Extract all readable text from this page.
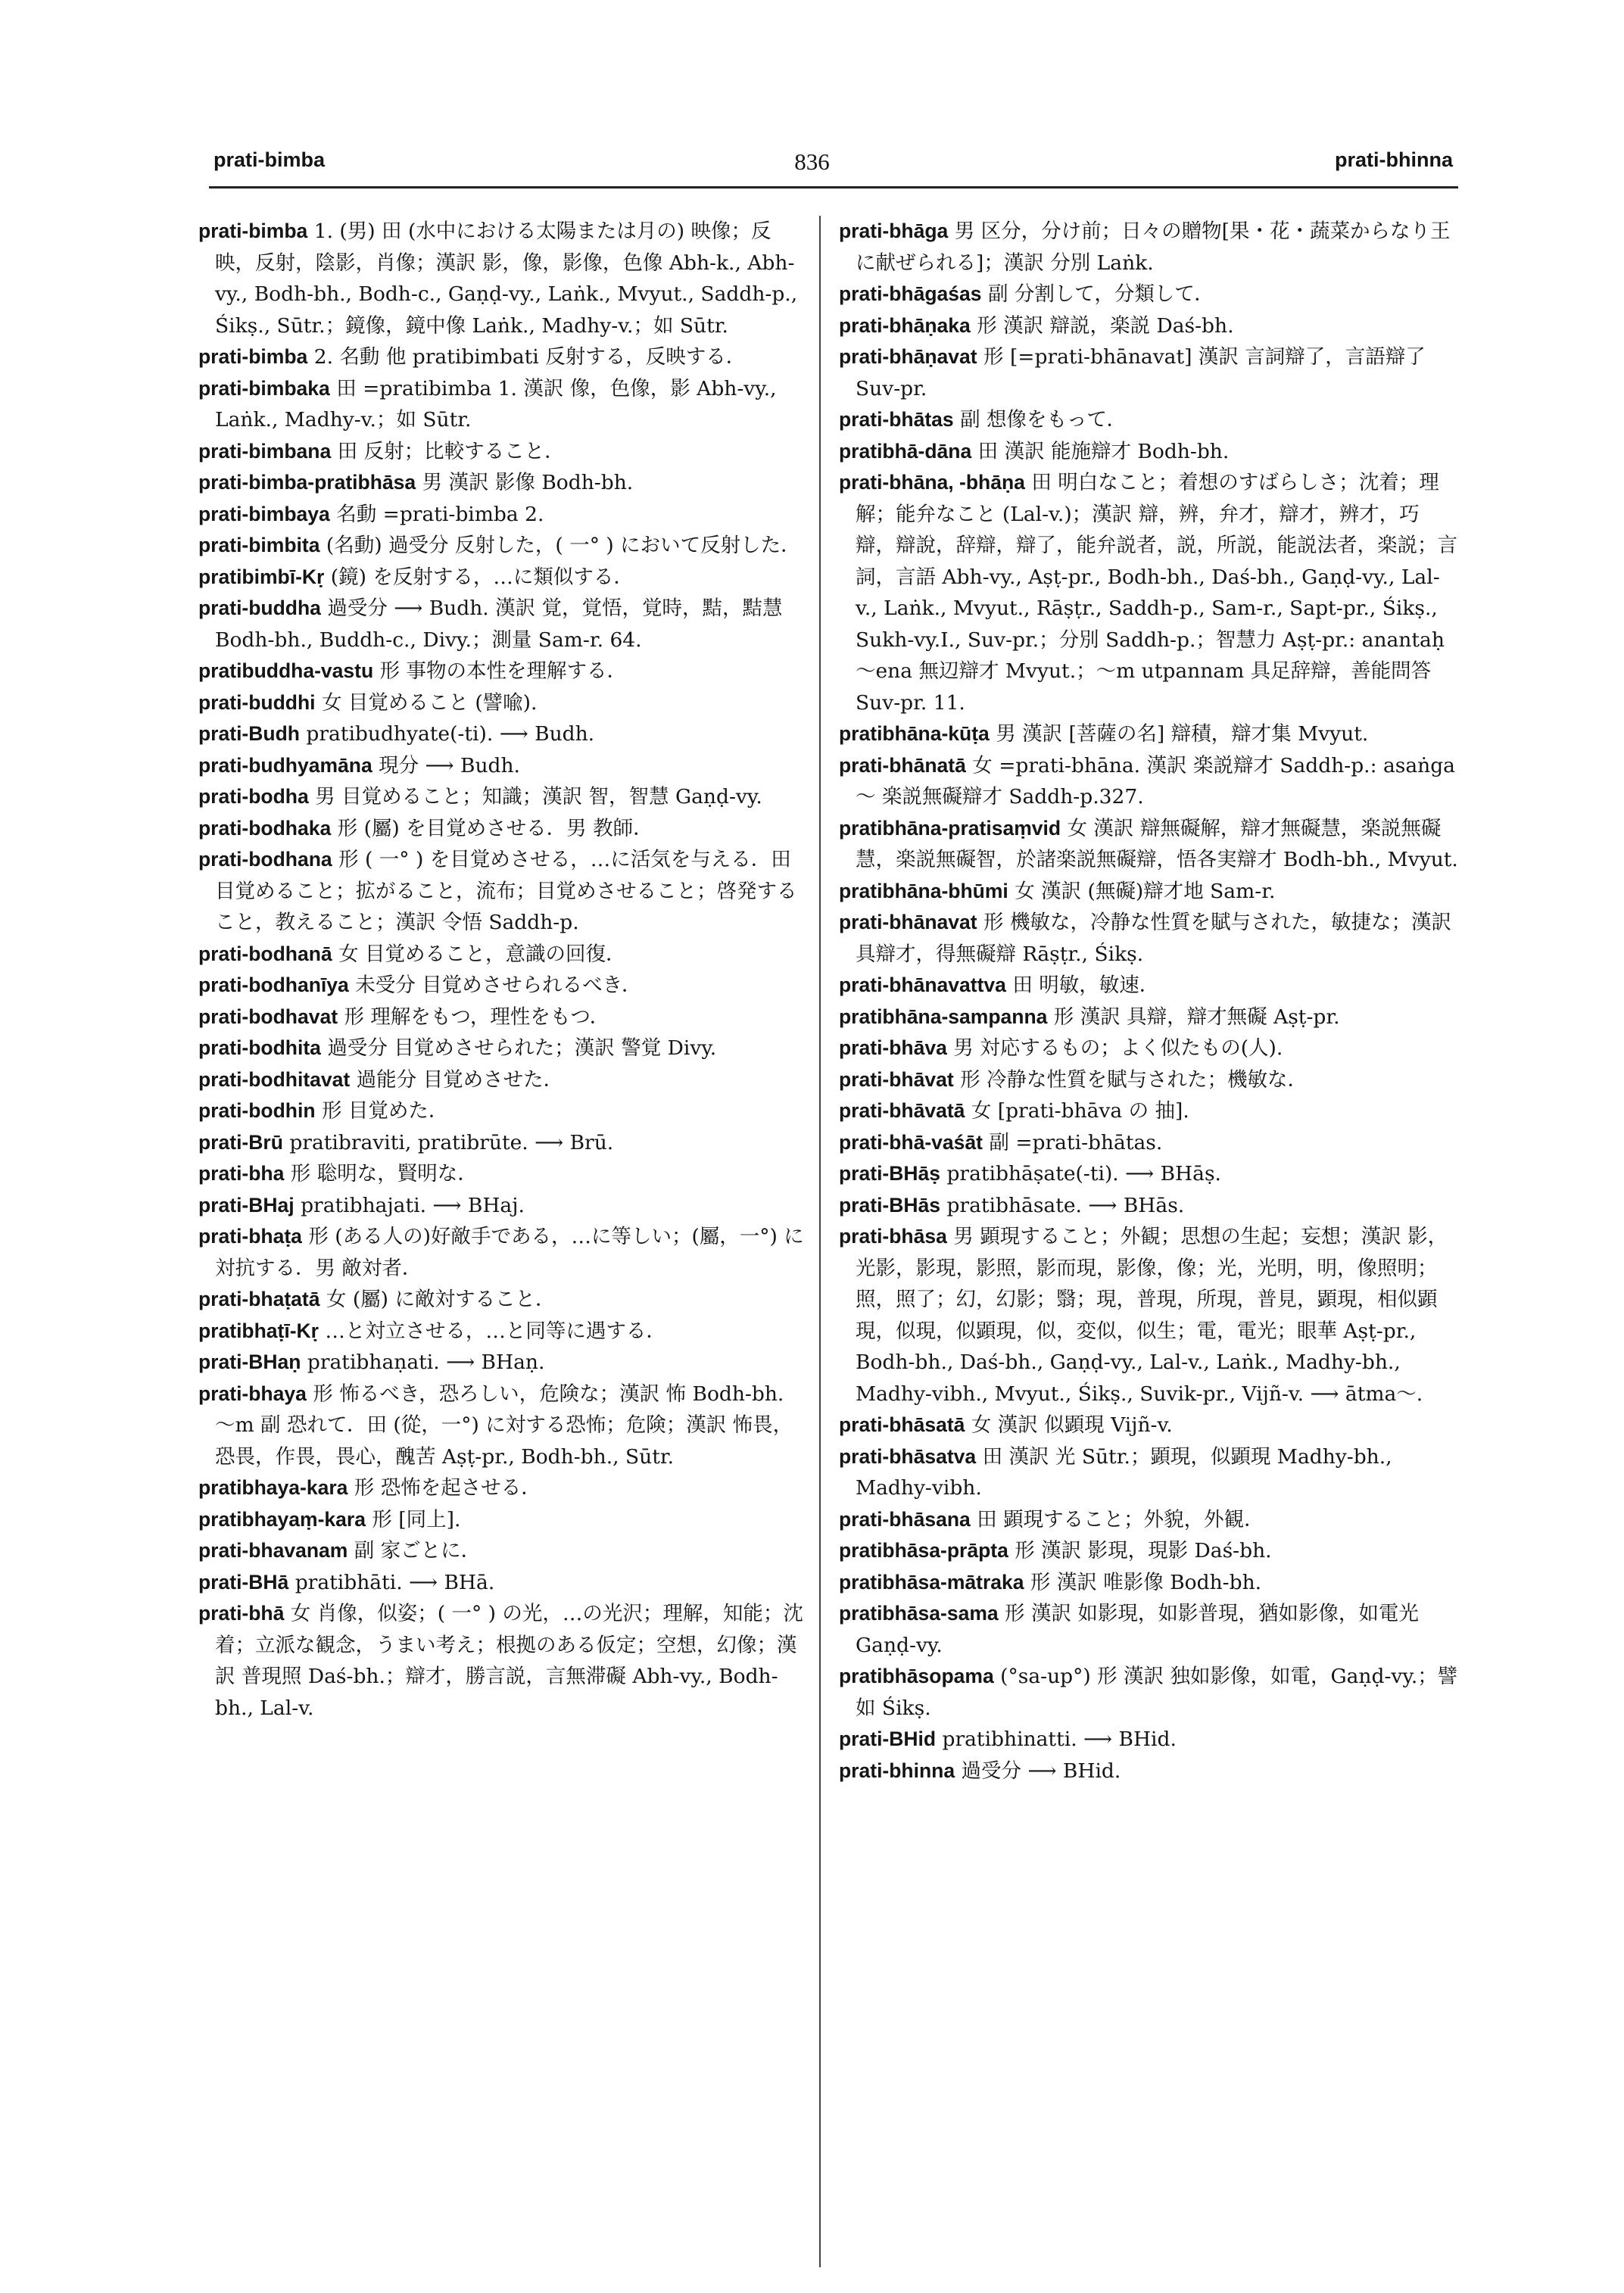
prati-bimba	836	prati-bhinna

prati-bimba 1. (男) 田 (水中における太陽または月の) 映像；反映，反射，陰影，肖像；漢訳 影，像，影像，色像 Abh-k., Abh-vy., Bodh-bh., Bodh-c., Gaṇḍ-vy., Laṅk., Mvyut., Saddh-p., Śikṣ., Sūtr.；鏡像，鏡中像 Laṅk., Madhy-v.；如 Sūtr.

prati-bimba 2. 名動 他 pratibimbati 反射する，反映する．

prati-bimbaka 田 =pratibimba 1. 漢訳 像，色像，影 Abh-vy., Laṅk., Madhy-v.；如 Sūtr.

prati-bimbana 田 反射；比較すること．

prati-bimba-pratibhāsa 男 漢訳 影像 Bodh-bh.

prati-bimbaya 名動 =prati-bimba 2.

prati-bimbita (名動) 過受分 反射した，( 一° ) において反射した．

pratibimbī-Kṛ (鏡) を反射する，…に類似する．

prati-buddha 過受分 ⟶ Budh. 漢訳 覚，覚悟，覚時，黠，黠慧 Bodh-bh., Buddh-c., Divy.；測量 Sam-r. 64.

pratibuddha-vastu 形 事物の本性を理解する．

prati-buddhi 女 目覚めること (譬喩).

prati-Budh pratibudhyate(-ti). ⟶ Budh.

prati-budhyamāna 現分 ⟶ Budh.

prati-bodha 男 目覚めること；知識；漢訳 智，智慧 Gaṇḍ-vy.

prati-bodhaka 形 (屬) を目覚めさせる．男 教師．

prati-bodhana 形 ( 一° ) を目覚めさせる，…に活気を与える．田 目覚めること；拡がること，流布；目覚めさせること；啓発すること，教えること；漢訳 令悟 Saddh-p.

prati-bodhanā 女 目覚めること，意識の回復．

prati-bodhanīya 未受分 目覚めさせられるべき．

prati-bodhavat 形 理解をもつ，理性をもつ．

prati-bodhita 過受分 目覚めさせられた；漢訳 警覚 Divy.

prati-bodhitavat 過能分 目覚めさせた．

prati-bodhin 形 目覚めた．

prati-Brū pratibraviti, pratibrūte. ⟶ Brū.

prati-bha 形 聡明な，賢明な．

prati-BHaj pratibhajati. ⟶ BHaj.

prati-bhaṭa 形 (ある人の)好敵手である，…に等しい；(屬，一°) に対抗する．男 敵対者．

prati-bhaṭatā 女 (屬) に敵対すること．

pratibhaṭī-Kṛ …と対立させる，…と同等に遇する．

prati-BHaṇ pratibhaṇati. ⟶ BHaṇ.

prati-bhaya 形 怖るべき，恐ろしい，危険な；漢訳 怖 Bodh-bh. ～m 副 恐れて．田 (從，一°) に対する恐怖；危険；漢訳 怖畏，恐畏，作畏，畏心，醜苦 Aṣṭ-pr., Bodh-bh., Sūtr.

pratibhaya-kara 形 恐怖を起させる．

pratibhayaṃ-kara 形 [同上].

prati-bhavanam 副 家ごとに．

prati-BHā pratibhāti. ⟶ BHā.

prati-bhā 女 肖像，似姿；( 一° ) の光，…の光沢；理解，知能；沈着；立派な観念，うまい考え；根拠のある仮定；空想，幻像；漢訳 普現照 Daś-bh.；辯才，勝言説，言無滞礙 Abh-vy., Bodh-bh., Lal-v.

prati-bhāga 男 区分，分け前；日々の贈物[果・花・蔬菜からなり王に献ぜられる]；漢訳 分別 Laṅk.

prati-bhāgaśas 副 分割して，分類して．

prati-bhāṇaka 形 漢訳 辯説，楽説 Daś-bh.

prati-bhāṇavat 形 [=prati-bhānavat] 漢訳 言詞辯了，言語辯了 Suv-pr.

prati-bhātas 副 想像をもって．

pratibhā-dāna 田 漢訳 能施辯才 Bodh-bh.

prati-bhāna, -bhāṇa 田 明白なこと；着想のすばらしさ；沈着；理解；能弁なこと (Lal-v.)；漢訳 辯，辨，弁才，辯才，辨才，巧辯，辯說，辞辯，辯了，能弁説者，説，所説，能説法者，楽説；言詞，言語 Abh-vy., Aṣṭ-pr., Bodh-bh., Daś-bh., Gaṇḍ-vy., Lal-v., Laṅk., Mvyut., Rāṣṭr., Saddh-p., Sam-r., Sapt-pr., Śikṣ., Sukh-vy.I., Suv-pr.；分別 Saddh-p.；智慧力 Aṣṭ-pr.: anantaḥ ～ena 無辺辯才 Mvyut.；～m utpannam 具足辞辯，善能問答 Suv-pr. 11.

pratibhāna-kūṭa 男 漢訳 [菩薩の名] 辯積，辯才集 Mvyut.

prati-bhānatā 女 =prati-bhāna. 漢訳 楽説辯才 Saddh-p.: asaṅga ～ 楽説無礙辯才 Saddh-p.327.

pratibhāna-pratisaṃvid 女 漢訳 辯無礙解，辯才無礙慧，楽説無礙慧，楽説無礙智，於諸楽説無礙辯，悟各実辯才 Bodh-bh., Mvyut.

pratibhāna-bhūmi 女 漢訳 (無礙)辯才地 Sam-r.

prati-bhānavat 形 機敏な，冷静な性質を賦与された，敏捷な；漢訳 具辯才，得無礙辯 Rāṣṭr., Śikṣ.

prati-bhānavattva 田 明敏，敏速．

pratibhāna-sampanna 形 漢訳 具辯，辯才無礙 Aṣṭ-pr.

prati-bhāva 男 対応するもの；よく似たもの(人).

prati-bhāvat 形 冷静な性質を賦与された；機敏な．

prati-bhāvatā 女 [prati-bhāva の 抽].

prati-bhā-vaśāt 副 =prati-bhātas.

prati-BHāṣ pratibhāṣate(-ti). ⟶ BHāṣ.

prati-BHās pratibhāsate. ⟶ BHās.

prati-bhāsa 男 顕現すること；外観；思想の生起；妄想；漢訳 影，光影，影現，影照，影而現，影像，像；光，光明，明，像照明；照，照了；幻，幻影；翳；現，普現，所現，普見，顕現，相似顕現，似現，似顕現，似，変似，似生；電，電光；眼華 Aṣṭ-pr., Bodh-bh., Daś-bh., Gaṇḍ-vy., Lal-v., Laṅk., Madhy-bh., Madhy-vibh., Mvyut., Śikṣ., Suvik-pr., Vijñ-v. ⟶ ātma～.

prati-bhāsatā 女 漢訳 似顕現 Vijñ-v.

prati-bhāsatva 田 漢訳 光 Sūtr.；顕現，似顕現 Madhy-bh., Madhy-vibh.

prati-bhāsana 田 顕現すること；外貌，外観．

pratibhāsa-prāpta 形 漢訳 影現，現影 Daś-bh.

pratibhāsa-mātraka 形 漢訳 唯影像 Bodh-bh.

pratibhāsa-sama 形 漢訳 如影現，如影普現，猶如影像，如電光 Gaṇḍ-vy.

pratibhāsopama (°sa-up°) 形 漢訳 独如影像，如電，Gaṇḍ-vy.；譬如 Śikṣ.

prati-BHid pratibhinatti. ⟶ BHid.

prati-bhinna 過受分 ⟶ BHid.
